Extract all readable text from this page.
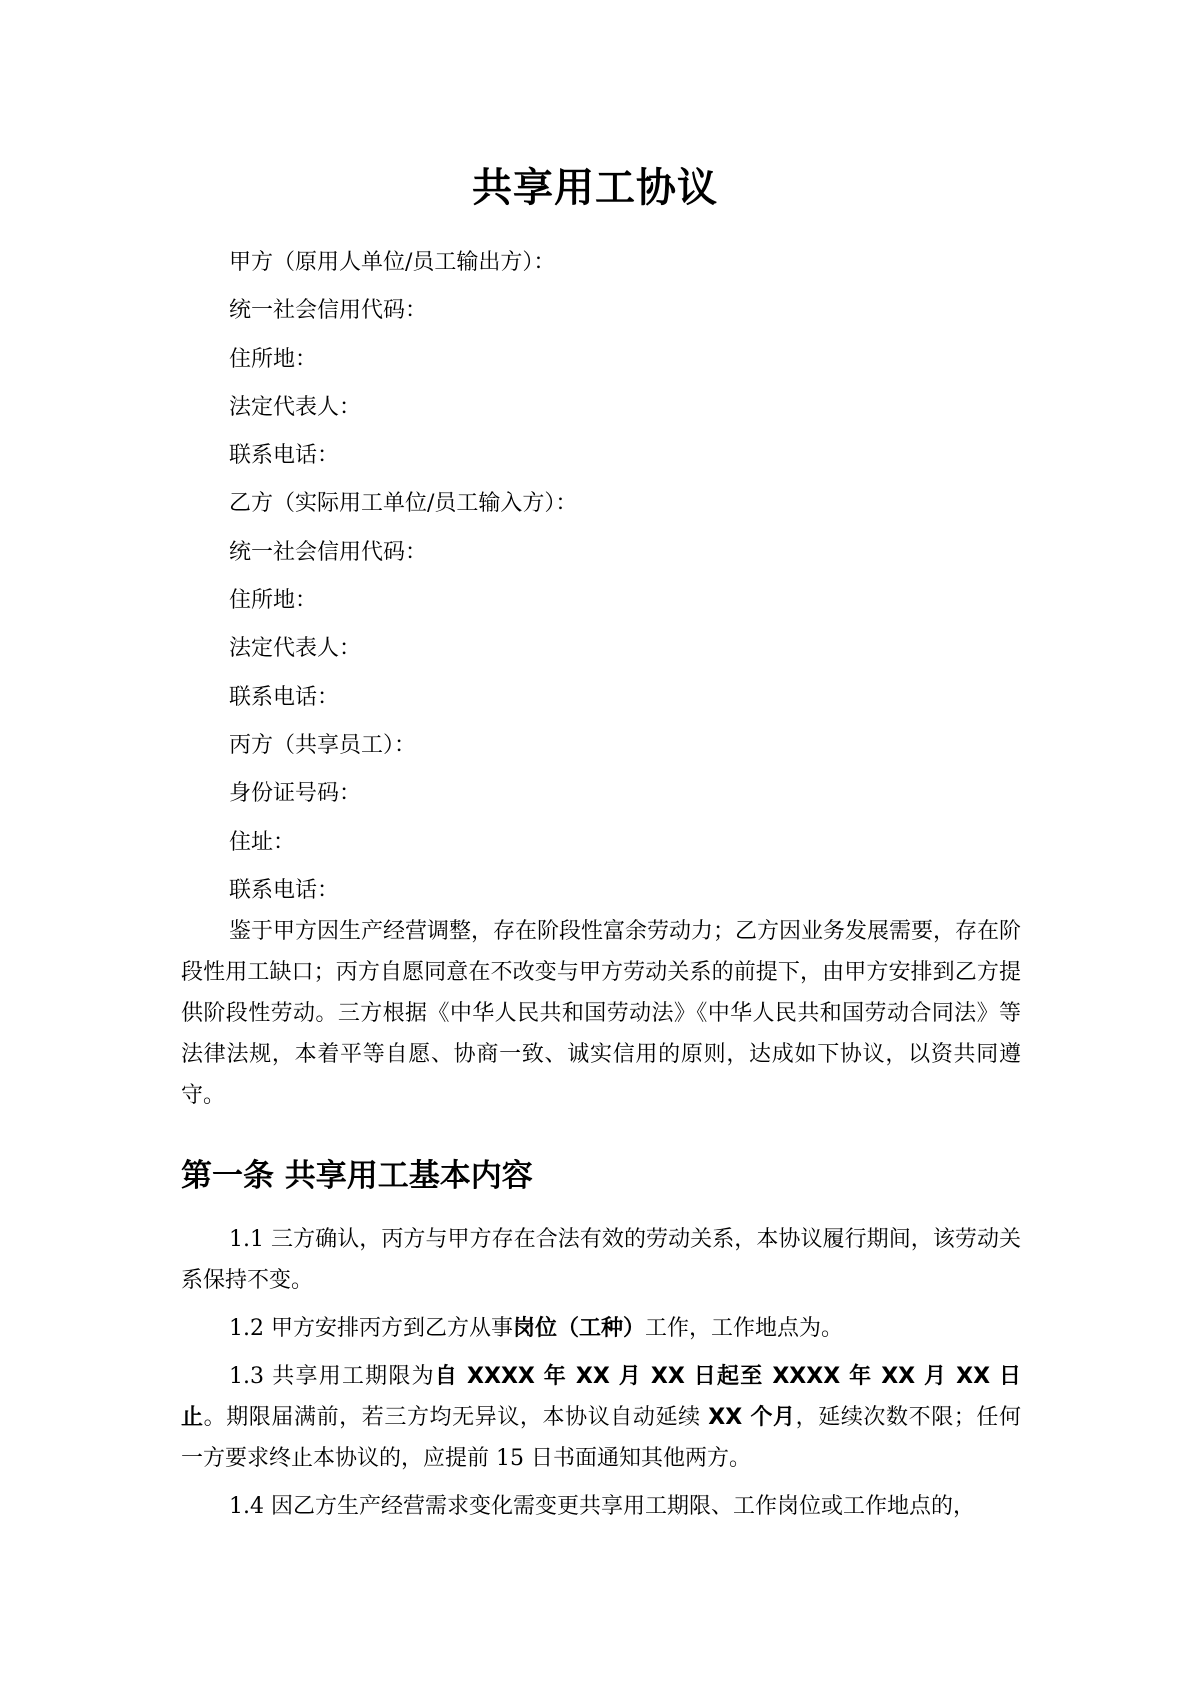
共享用工协议
甲方（原用人单位/员工输出方）：
统一社会信用代码：
住所地：
法定代表人：
联系电话：
乙方（实际用工单位/员工输入方）：
统一社会信用代码：
住所地：
法定代表人：
联系电话：
丙方（共享员工）：
身份证号码：
住址：
联系电话：

鉴于甲方因生产经营调整，存在阶段性富余劳动力；乙方因业务发展需要，存在阶段性用工缺口；丙方自愿同意在不改变与甲方劳动关系的前提下，由甲方安排到乙方提供阶段性劳动。三方根据《中华人民共和国劳动法》《中华人民共和国劳动合同法》等法律法规，本着平等自愿、协商一致、诚实信用的原则，达成如下协议，以资共同遵守。

第一条 共享用工基本内容

1.1 三方确认，丙方与甲方存在合法有效的劳动关系，本协议履行期间，该劳动关系保持不变。

1.2 甲方安排丙方到乙方从事岗位（工种）工作，工作地点为。

1.3 共享用工期限为自 XXXX 年 XX 月 XX 日起至 XXXX 年 XX 月 XX 日止。期限届满前，若三方均无异议，本协议自动延续 XX 个月，延续次数不限；任何一方要求终止本协议的，应提前 15 日书面通知其他两方。

1.4 因乙方生产经营需求变化需变更共享用工期限、工作岗位或工作地点的，
